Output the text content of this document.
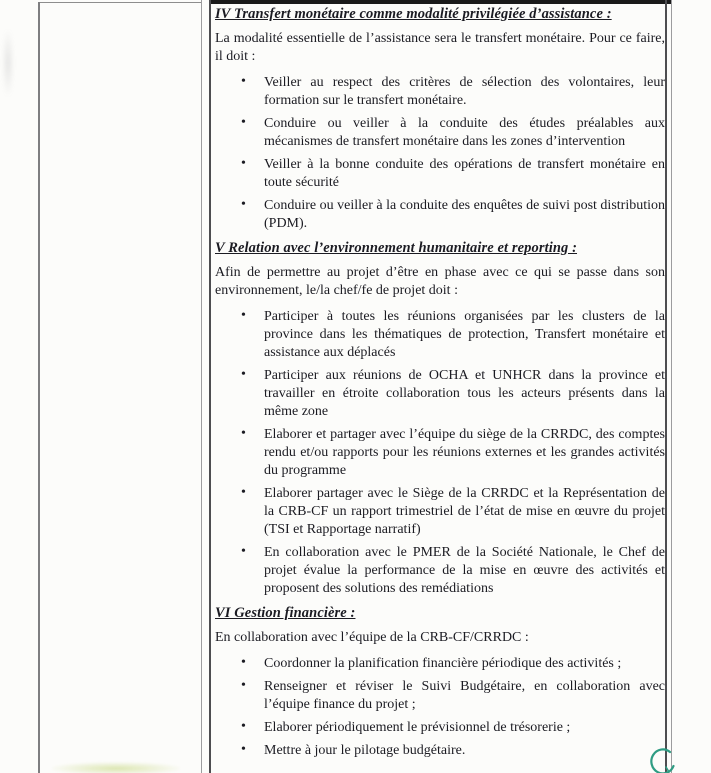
IV Transfert monétaire comme modalité privilégiée d’assistance :

La modalité essentielle de l’assistance sera le transfert monétaire. Pour ce faire, il doit :

• Veiller au respect des critères de sélection des volontaires, leur formation sur le transfert monétaire.
• Conduire ou veiller à la conduite des études préalables aux mécanismes de transfert monétaire dans les zones d’intervention
• Veiller à la bonne conduite des opérations de transfert monétaire en toute sécurité
• Conduire ou veiller à la conduite des enquêtes de suivi post distribution (PDM).
V Relation avec l’environnement humanitaire et reporting :

Afin de permettre au projet d’être en phase avec ce qui se passe dans son environnement, le/la chef/fe de projet doit :

• Participer à toutes les réunions organisées par les clusters de la province dans les thématiques de protection, Transfert monétaire et assistance aux déplacés
• Participer aux réunions de OCHA et UNHCR dans la province et travailler en étroite collaboration tous les acteurs présents dans la même zone
• Elaborer et partager avec l’équipe du siège de la CRRDC, des comptes rendu et/ou rapports pour les réunions externes et les grandes activités du programme
• Elaborer partager avec le Siège de la CRRDC et la Représentation de la CRB-CF un rapport trimestriel de l’état de mise en œuvre du projet (TSI et Rapportage narratif)
• En collaboration avec le PMER de la Société Nationale, le Chef de projet évalue la performance de la mise en œuvre des activités et proposent des solutions des remédiations
VI Gestion financière :

En collaboration avec l’équipe de la CRB-CF/CRRDC :

• Coordonner la planification financière périodique des activités ;
• Renseigner et réviser le Suivi Budgétaire, en collaboration avec l’équipe finance du projet ;
• Elaborer périodiquement le prévisionnel de trésorerie ;
• Mettre à jour le pilotage budgétaire.
